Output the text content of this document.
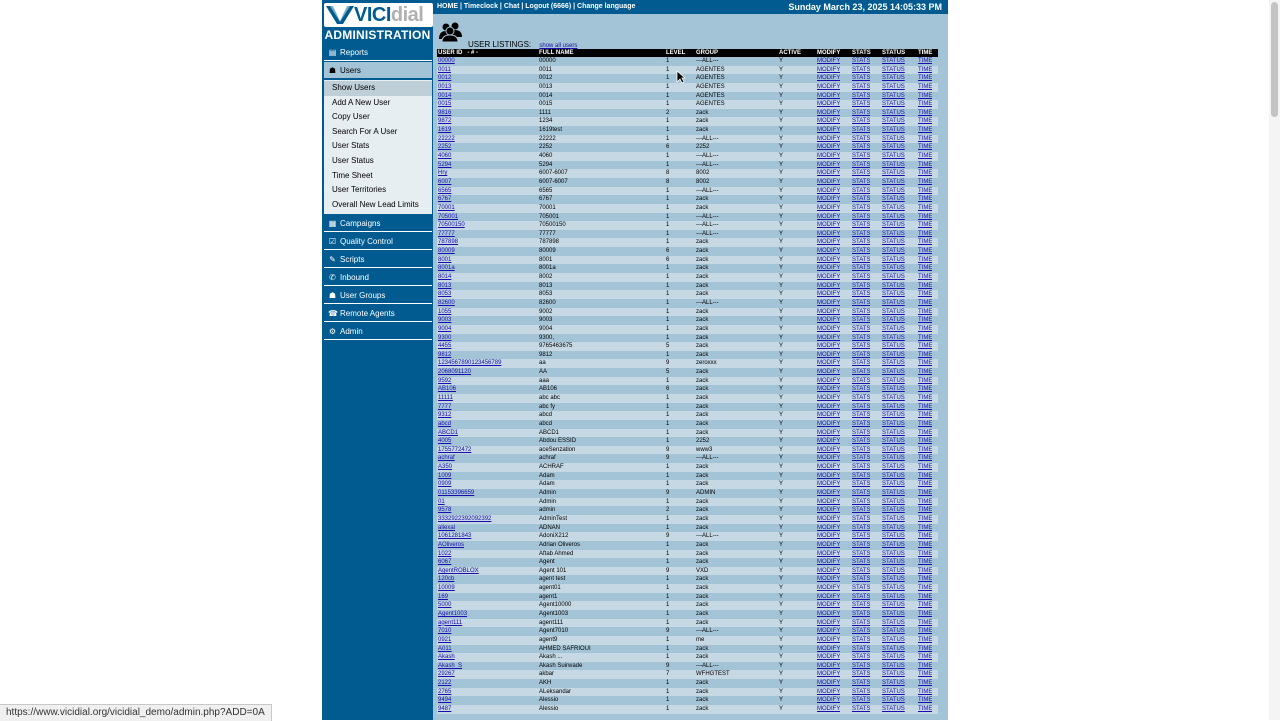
VICIdial
ADMINISTRATION
▤ Reports
☗ Users
Show Users
Add A New User
Copy User
Search For A User
User Stats
User Status
Time Sheet
User Territories
Overall New Lead Limits
▦ Campaigns
☑ Quality Control
✎ Scripts
✆ Inbound
☗ User Groups
☎ Remote Agents
⚙ Admin
HOME | Timeclock | Chat | Logout (6666) | Change language	Sunday March 23, 2025 14:05:33 PM
USER LISTINGS: show all users
USER ID - # -	FULL NAME	LEVEL GROUP	ACTIVE	MODIFY STATS STATUS TIME
00000	00000	1	---ALL---	Y	MODIFY STATS STATUS TIME
0011	0011	1	AGENTES	Y	MODIFY STATS STATUS TIME
0012	0012	1	AGENTES	Y	MODIFY STATS STATUS TIME
0013	0013	1	AGENTES	Y	MODIFY STATS STATUS TIME
0014	0014	1	AGENTES	Y	MODIFY STATS STATUS TIME
0015	0015	1	AGENTES	Y	MODIFY STATS STATUS TIME
9816	1111	2	zack	Y	MODIFY STATS STATUS TIME
9872	1234	1	zack	Y	MODIFY STATS STATUS TIME
1619	1619test	1	zack	Y	MODIFY STATS STATUS TIME
22222	22222	1	---ALL---	Y	MODIFY STATS STATUS TIME
2252	2252	6	2252	Y	MODIFY STATS STATUS TIME
4060	4060	1	---ALL---	Y	MODIFY STATS STATUS TIME
5294	5294	1	---ALL---	Y	MODIFY STATS STATUS TIME
Hry	6007-6007	8	8002	Y	MODIFY STATS STATUS TIME
6007	6007-6007	8	8002	Y	MODIFY STATS STATUS TIME
6565	6565	1	---ALL---	Y	MODIFY STATS STATUS TIME
6767	6767	1	zack	Y	MODIFY STATS STATUS TIME
70001	70001	1	zack	Y	MODIFY STATS STATUS TIME
705001	705001	1	---ALL---	Y	MODIFY STATS STATUS TIME
70500150	70500150	1	---ALL---	Y	MODIFY STATS STATUS TIME
77777	77777	1	---ALL---	Y	MODIFY STATS STATUS TIME
787898	787898	1	zack	Y	MODIFY STATS STATUS TIME
80009	80009	6	zack	Y	MODIFY STATS STATUS TIME
8001	8001	6	zack	Y	MODIFY STATS STATUS TIME
8001a	8001a	1	zack	Y	MODIFY STATS STATUS TIME
8014	8002	1	zack	Y	MODIFY STATS STATUS TIME
8013	8013	1	zack	Y	MODIFY STATS STATUS TIME
8053	8053	1	zack	Y	MODIFY STATS STATUS TIME
82600	82600	1	---ALL---	Y	MODIFY STATS STATUS TIME
1055	9002	1	zack	Y	MODIFY STATS STATUS TIME
9003	9003	1	zack	Y	MODIFY STATS STATUS TIME
9004	9004	1	zack	Y	MODIFY STATS STATUS TIME
9300	9300,	1	zack	Y	MODIFY STATS STATUS TIME
4455	9765463675	5	zack	Y	MODIFY STATS STATUS TIME
9812	9812	1	zack	Y	MODIFY STATS STATUS TIME
1234567890123456789	aa	9	zeroxxx	Y	MODIFY STATS STATUS TIME
2068091120	AA	5	zack	Y	MODIFY STATS STATUS TIME
9592	aaa	1	zack	Y	MODIFY STATS STATUS TIME
AB106	AB106	6	zack	Y	MODIFY STATS STATUS TIME
11111	abc abc	1	zack	Y	MODIFY STATS STATUS TIME
7777	abc fy	1	zack	Y	MODIFY STATS STATUS TIME
9312	abcd	1	zack	Y	MODIFY STATS STATUS TIME
abcd	abcd	1	zack	Y	MODIFY STATS STATUS TIME
ABCD1	ABCD1	1	zack	Y	MODIFY STATS STATUS TIME
4005	Abdou ESSID	1	2252	Y	MODIFY STATS STATUS TIME
1755772472	aceSenzation	9	www3	Y	MODIFY STATS STATUS TIME
achraf	achraf	9	---ALL---	Y	MODIFY STATS STATUS TIME
A350	ACHRAF	1	zack	Y	MODIFY STATS STATUS TIME
1009	Adam	1	zack	Y	MODIFY STATS STATUS TIME
0909	Adam	1	zack	Y	MODIFY STATS STATUS TIME
01153396659	Admin	9	ADMIN	Y	MODIFY STATS STATUS TIME
01	Admin	1	zack	Y	MODIFY STATS STATUS TIME
9578	admin	2	zack	Y	MODIFY STATS STATUS TIME
3332922392092392	AdminTest	1	zack	Y	MODIFY STATS STATUS TIME
aliexal	ADNAN	1	zack	Y	MODIFY STATS STATUS TIME
1061281843	AdoniX212	9	---ALL---	Y	MODIFY STATS STATUS TIME
AOliveros	Adrian Oliveros	1	zack	Y	MODIFY STATS STATUS TIME
1022	Aftab Ahmed	1	zack	Y	MODIFY STATS STATUS TIME
6067	Agent	1	zack	Y	MODIFY STATS STATUS TIME
AgentROBLOX	Agent 101	9	VXD	Y	MODIFY STATS STATUS TIME
120cb	agent test	1	zack	Y	MODIFY STATS STATUS TIME
10009	agent01	1	zack	Y	MODIFY STATS STATUS TIME
169	agent1	1	zack	Y	MODIFY STATS STATUS TIME
5000	Agent10000	1	zack	Y	MODIFY STATS STATUS TIME
Agent1003	Agent1003	1	zack	Y	MODIFY STATS STATUS TIME
agent111	agent111	1	zack	Y	MODIFY STATS STATUS TIME
7010	Agent7010	9	---ALL---	Y	MODIFY STATS STATUS TIME
0921	agent9	1	me	Y	MODIFY STATS STATUS TIME
A011	AHMED SAFRIOUI	1	zack	Y	MODIFY STATS STATUS TIME
Akash	Akash ...	1	zack	Y	MODIFY STATS STATUS TIME
Akash_S	Akash Suirwade	9	---ALL---	Y	MODIFY STATS STATUS TIME
29267	akbar	7	WFHGTEST	Y	MODIFY STATS STATUS TIME
2122	AKH	1	zack	Y	MODIFY STATS STATUS TIME
2765	ALeksandar	1	zack	Y	MODIFY STATS STATUS TIME
9494	Alessio	1	zack	Y	MODIFY STATS STATUS TIME
9487	Alessio	1	zack	Y	MODIFY STATS STATUS TIME
https://www.vicidial.org/vicidial_demo/admin.php?ADD=0A
